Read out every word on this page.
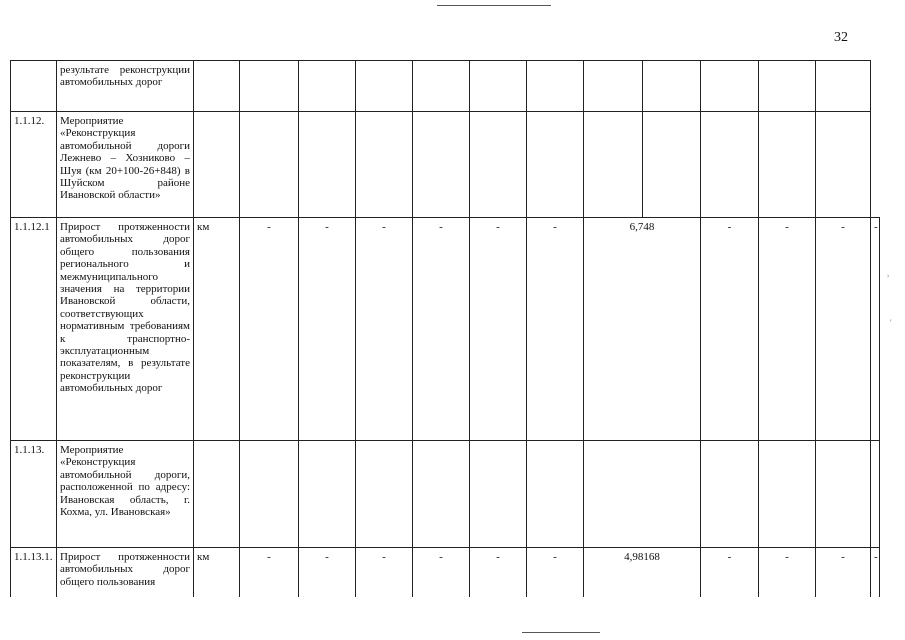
32
	результате реконструкции автомобильных дорог													
1.1.12.	Мероприятие «Реконструкция автомобильной дороги Лежнево – Хозниково – Шуя (км 20+100-26+848) в Шуйском районе Ивановской области»													
1.1.12.1	Прирост протяженности автомобильных дорог общего пользования регионального и межмуниципального значения на территории Ивановской области, соответствующих нормативным требованиям к транспортно-эксплуатационным показателям, в результате реконструкции автомобильных дорог	км	-	-	-	-	-	-	6,748		-	-	-	-
1.1.13.	Мероприятие «Реконструкция автомобильной дороги, расположенной по адресу: Ивановская область, г. Кохма, ул. Ивановская»													
1.1.13.1.	Прирост протяженности автомобильных дорог общего пользования	км	-	-	-	-	-	-	4,98168		-	-	-	-
,
'
